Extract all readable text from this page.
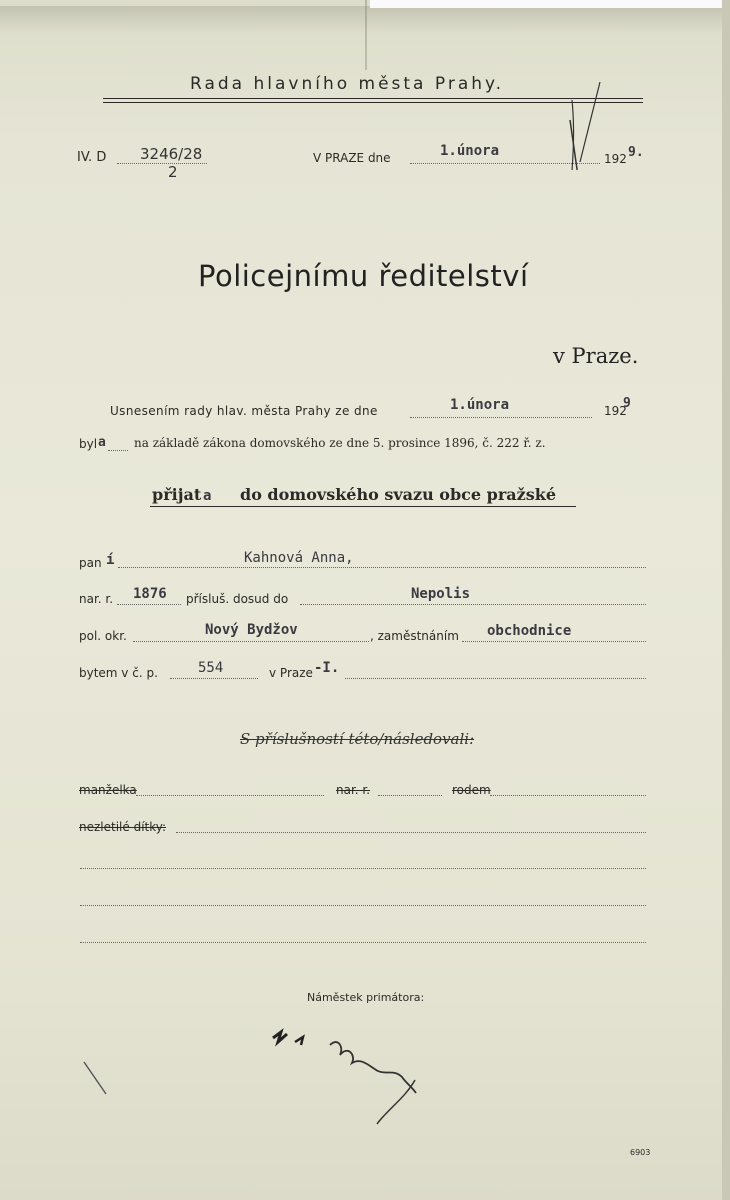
Rada hlavního města Prahy.
IV. D 3246/28
2
V PRAZE dne	1.února	192 9.
Policejnímu ředitelství
v Praze.
Usnesením rady hlav. města Prahy ze dne	1.února	192
9
byl a na základě zákona domovského ze dne 5. prosince 1896, č. 222 ř. z.
přijat a do domovského svazu obce pražské
pan í	Kahnová Anna,
nar. r. 1876 přísluš. dosud do	Nepolis
pol. okr.	Nový Bydžov	, zaměstnáním obchodnice
bytem v č. p.	554	v Praze -I.
S příslušností této/následovali:
manželka	nar. r.	rodem
nezletilé dítky:
Náměstek primátora:
Nfk. Svoboda
6903
